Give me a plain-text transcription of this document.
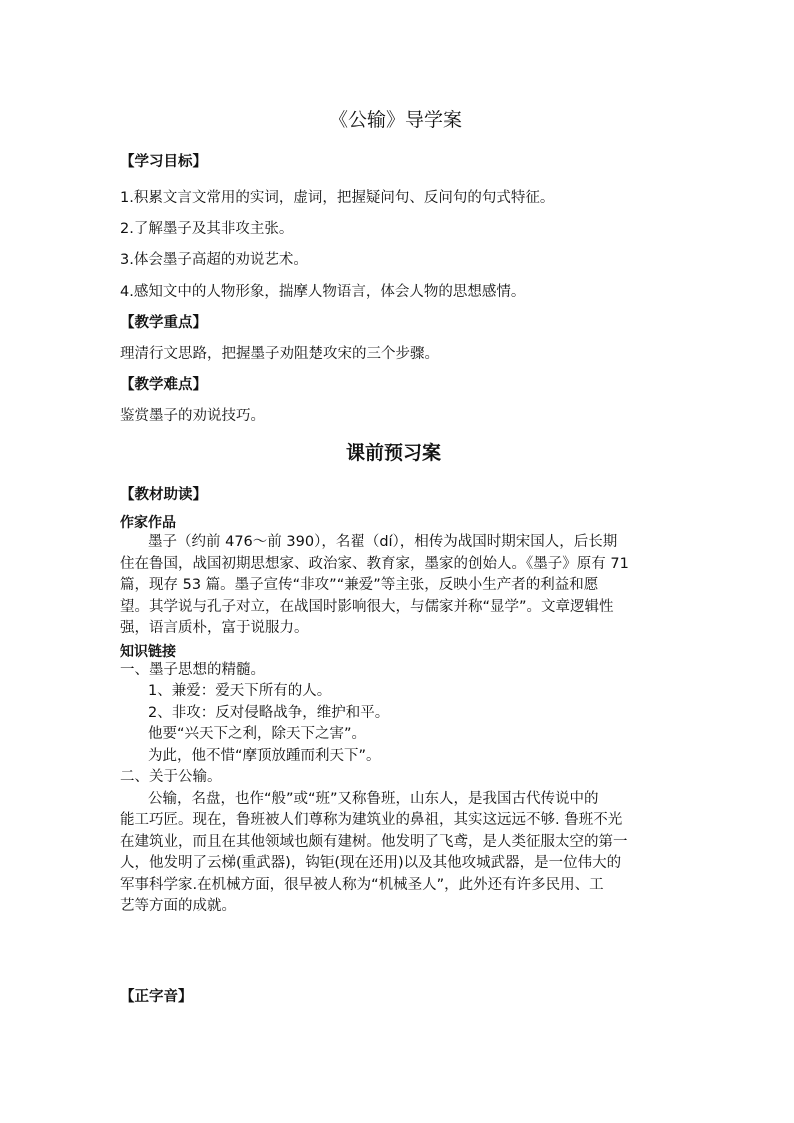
《公输》导学案
【学习目标】
1.积累文言文常用的实词，虚词，把握疑问句、反问句的句式特征。
2.了解墨子及其非攻主张。
3.体会墨子高超的劝说艺术。
4.感知文中的人物形象，揣摩人物语言，体会人物的思想感情。
【教学重点】
理清行文思路，把握墨子劝阻楚攻宋的三个步骤。
【教学难点】
鉴赏墨子的劝说技巧。
课前预习案
【教材助读】
作家作品
墨子（约前 476～前 390），名翟（dí），相传为战国时期宋国人，后长期
住在鲁国，战国初期思想家、政治家、教育家，墨家的创始人。《墨子》原有 71
篇，现存 53 篇。墨子宣传“非攻”“兼爱”等主张，反映小生产者的利益和愿
望。其学说与孔子对立，在战国时影响很大，与儒家并称“显学”。文章逻辑性
强，语言质朴，富于说服力。
知识链接
一、墨子思想的精髓。
1、兼爱：爱天下所有的人。
2、非攻：反对侵略战争，维护和平。
他要“兴天下之利，除天下之害”。
为此，他不惜“摩顶放踵而利天下”。
二、关于公输。
公输，名盘，也作“般”或“班”又称鲁班，山东人，是我国古代传说中的
能工巧匠。现在，鲁班被人们尊称为建筑业的鼻祖，其实这远远不够. 鲁班不光
在建筑业，而且在其他领域也颇有建树。他发明了飞鸢，是人类征服太空的第一
人，他发明了云梯(重武器)，钩钜(现在还用)以及其他攻城武器，是一位伟大的
军事科学家.在机械方面，很早被人称为“机械圣人”，此外还有许多民用、工
艺等方面的成就。
【正字音】
